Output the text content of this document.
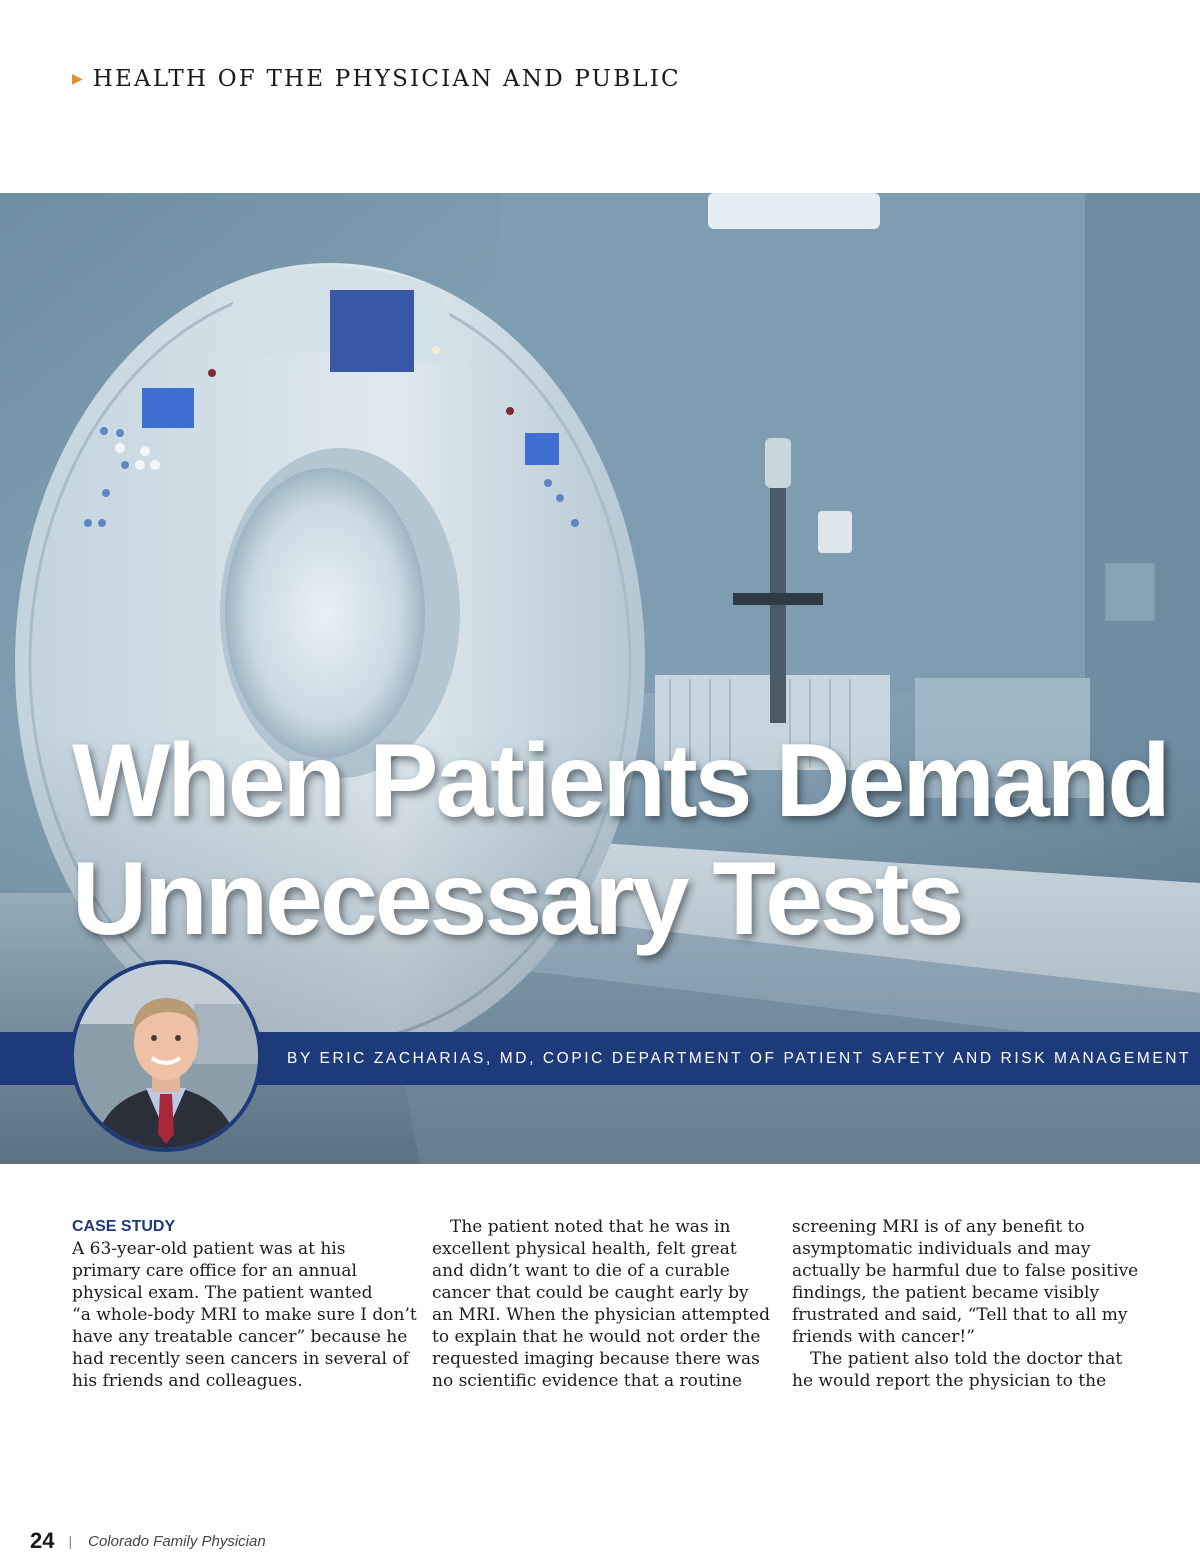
▶ HEALTH OF THE PHYSICIAN AND PUBLIC
When Patients Demand
Unnecessary Tests
BY ERIC ZACHARIAS, MD, COPIC DEPARTMENT OF PATIENT SAFETY AND RISK MANAGEMENT
CASE STUDY

A 63-year-old patient was at his
primary care office for an annual
physical exam. The patient wanted
“a whole-body MRI to make sure I don’t
have any treatable cancer” because he
had recently seen cancers in several of
his friends and colleagues.

The patient noted that he was in
excellent physical health, felt great
and didn’t want to die of a curable
cancer that could be caught early by
an MRI. When the physician attempted
to explain that he would not order the
requested imaging because there was
no scientific evidence that a routine

screening MRI is of any benefit to
asymptomatic individuals and may
actually be harmful due to false positive
findings, the patient became visibly
frustrated and said, “Tell that to all my
friends with cancer!”
The patient also told the doctor that
he would report the physician to the

24 | Colorado Family Physician
